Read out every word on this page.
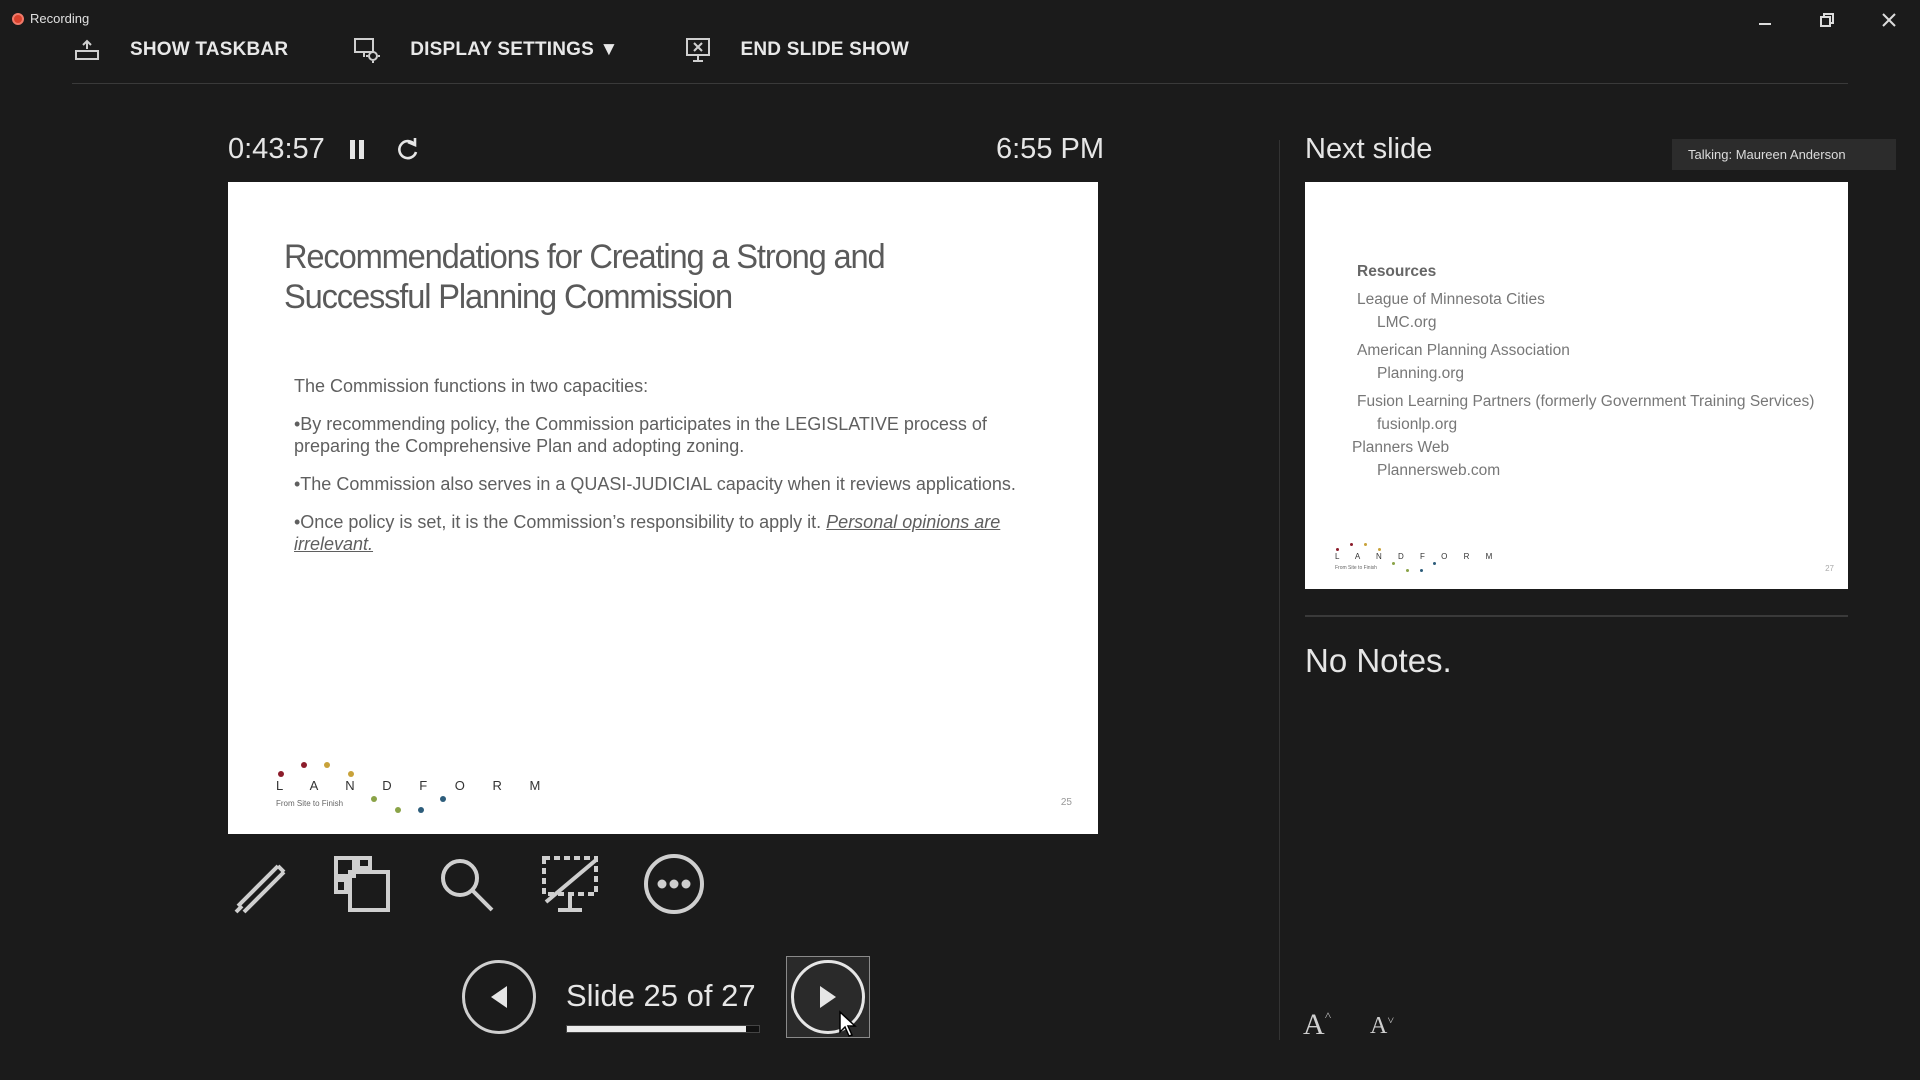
Recording
SHOW TASKBAR	DISPLAY SETTINGS ▼	END SLIDE SHOW
0:43:57	6:55 PM
Recommendations for Creating a Strong and Successful Planning Commission

The Commission functions in two capacities:

•By recommending policy, the Commission participates in the LEGISLATIVE process of preparing the Comprehensive Plan and adopting zoning.

•The Commission also serves in a QUASI-JUDICIAL capacity when it reviews applications.

•Once policy is set, it is the Commission’s responsibility to apply it. Personal opinions are irrelevant.

L A N D F O R M
From Site to Finish	25
Slide 25 of 27
Next slide	Talking: Maureen Anderson
Resources
League of Minnesota Cities
LMC.org
American Planning Association
Planning.org
Fusion Learning Partners (formerly Government Training Services)
fusionlp.org
Planners Web
Plannersweb.com
L A N D F O R M
From Site to Finish	27
No Notes.
A˄ A˅
